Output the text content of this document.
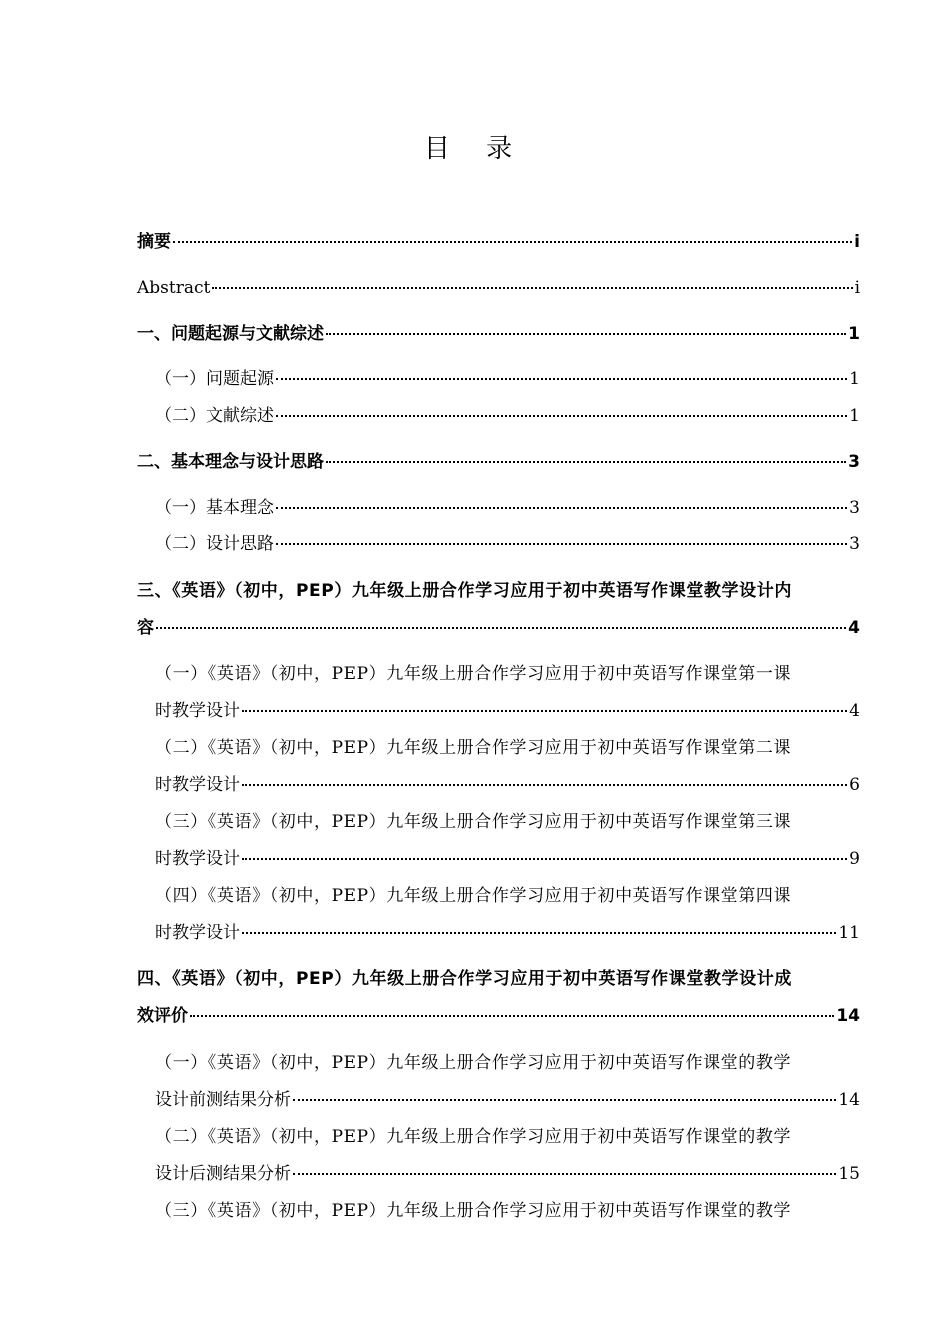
目 录
摘要	i
Abstract	i
一、问题起源与文献综述	1
（一）问题起源	1
（二）文献综述	1
二、基本理念与设计思路	3
（一）基本理念	3
（二）设计思路	3
三、《英语》（初中，PEP）九年级上册合作学习应用于初中英语写作课堂教学设计内
容	4
（一）《英语》（初中，PEP）九年级上册合作学习应用于初中英语写作课堂第一课
时教学设计	4
（二）《英语》（初中，PEP）九年级上册合作学习应用于初中英语写作课堂第二课
时教学设计	6
（三）《英语》（初中，PEP）九年级上册合作学习应用于初中英语写作课堂第三课
时教学设计	9
（四）《英语》（初中，PEP）九年级上册合作学习应用于初中英语写作课堂第四课
时教学设计	11
四、《英语》（初中，PEP）九年级上册合作学习应用于初中英语写作课堂教学设计成
效评价	14
（一）《英语》（初中，PEP）九年级上册合作学习应用于初中英语写作课堂的教学
设计前测结果分析	14
（二）《英语》（初中，PEP）九年级上册合作学习应用于初中英语写作课堂的教学
设计后测结果分析	15
（三）《英语》（初中，PEP）九年级上册合作学习应用于初中英语写作课堂的教学
